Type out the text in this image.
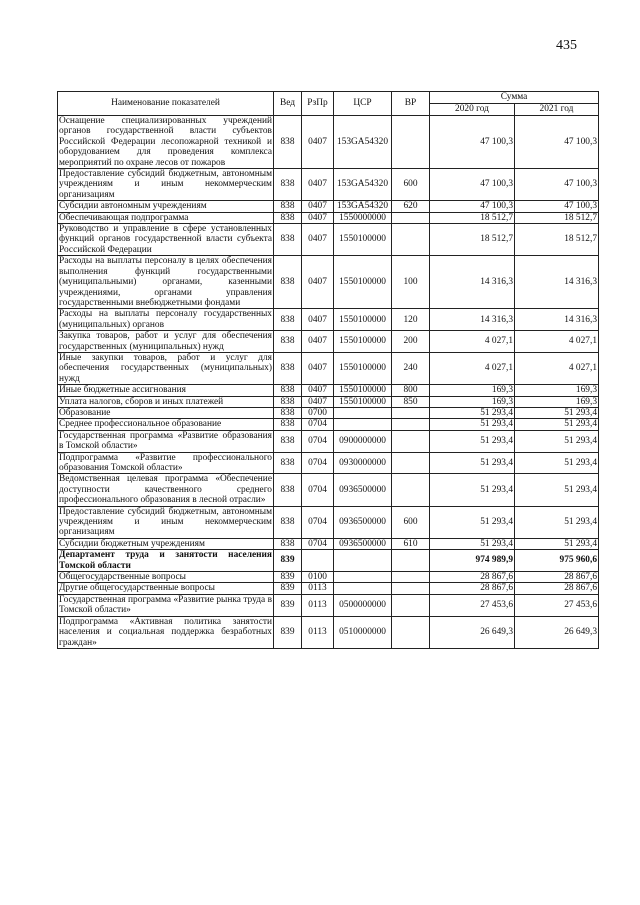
435
Наименование показателей	Вед	РзПр	ЦСР	ВР	Сумма	
					2020 год	2021 год
Оснащение специализированных учреждений органов государственной власти субъектов Российской Федерации лесопожарной техникой и оборудованием для проведения комплекса мероприятий по охране лесов от пожаров	838	0407	153GA54320		47 100,3	47 100,3
Предоставление субсидий бюджетным, автономным учреждениям и иным некоммерческим организациям	838	0407	153GA54320	600	47 100,3	47 100,3
Субсидии автономным учреждениям	838	0407	153GA54320	620	47 100,3	47 100,3
Обеспечивающая подпрограмма	838	0407	1550000000		18 512,7	18 512,7
Руководство и управление в сфере установленных функций органов государственной власти субъекта Российской Федерации	838	0407	1550100000		18 512,7	18 512,7
Расходы на выплаты персоналу в целях обеспечения выполнения функций государственными (муниципальными) органами, казенными учреждениями, органами управления государственными внебюджетными фондами	838	0407	1550100000	100	14 316,3	14 316,3
Расходы на выплаты персоналу государственных (муниципальных) органов	838	0407	1550100000	120	14 316,3	14 316,3
Закупка товаров, работ и услуг для обеспечения государственных (муниципальных) нужд	838	0407	1550100000	200	4 027,1	4 027,1
Иные закупки товаров, работ и услуг для обеспечения государственных (муниципальных) нужд	838	0407	1550100000	240	4 027,1	4 027,1
Иные бюджетные ассигнования	838	0407	1550100000	800	169,3	169,3
Уплата налогов, сборов и иных платежей	838	0407	1550100000	850	169,3	169,3
Образование	838	0700			51 293,4	51 293,4
Среднее профессиональное образование	838	0704			51 293,4	51 293,4
Государственная программа «Развитие образования в Томской области»	838	0704	0900000000		51 293,4	51 293,4
Подпрограмма «Развитие профессионального образования Томской области»	838	0704	0930000000		51 293,4	51 293,4
Ведомственная целевая программа «Обеспечение доступности качественного среднего профессионального образования в лесной отрасли»	838	0704	0936500000		51 293,4	51 293,4
Предоставление субсидий бюджетным, автономным учреждениям и иным некоммерческим организациям	838	0704	0936500000	600	51 293,4	51 293,4
Субсидии бюджетным учреждениям	838	0704	0936500000	610	51 293,4	51 293,4
Департамент труда и занятости населения Томской области	839				974 989,9	975 960,6
Общегосударственные вопросы	839	0100			28 867,6	28 867,6
Другие общегосударственные вопросы	839	0113			28 867,6	28 867,6
Государственная программа «Развитие рынка труда в Томской области»	839	0113	0500000000		27 453,6	27 453,6
Подпрограмма «Активная политика занятости населения и социальная поддержка безработных граждан»	839	0113	0510000000		26 649,3	26 649,3
